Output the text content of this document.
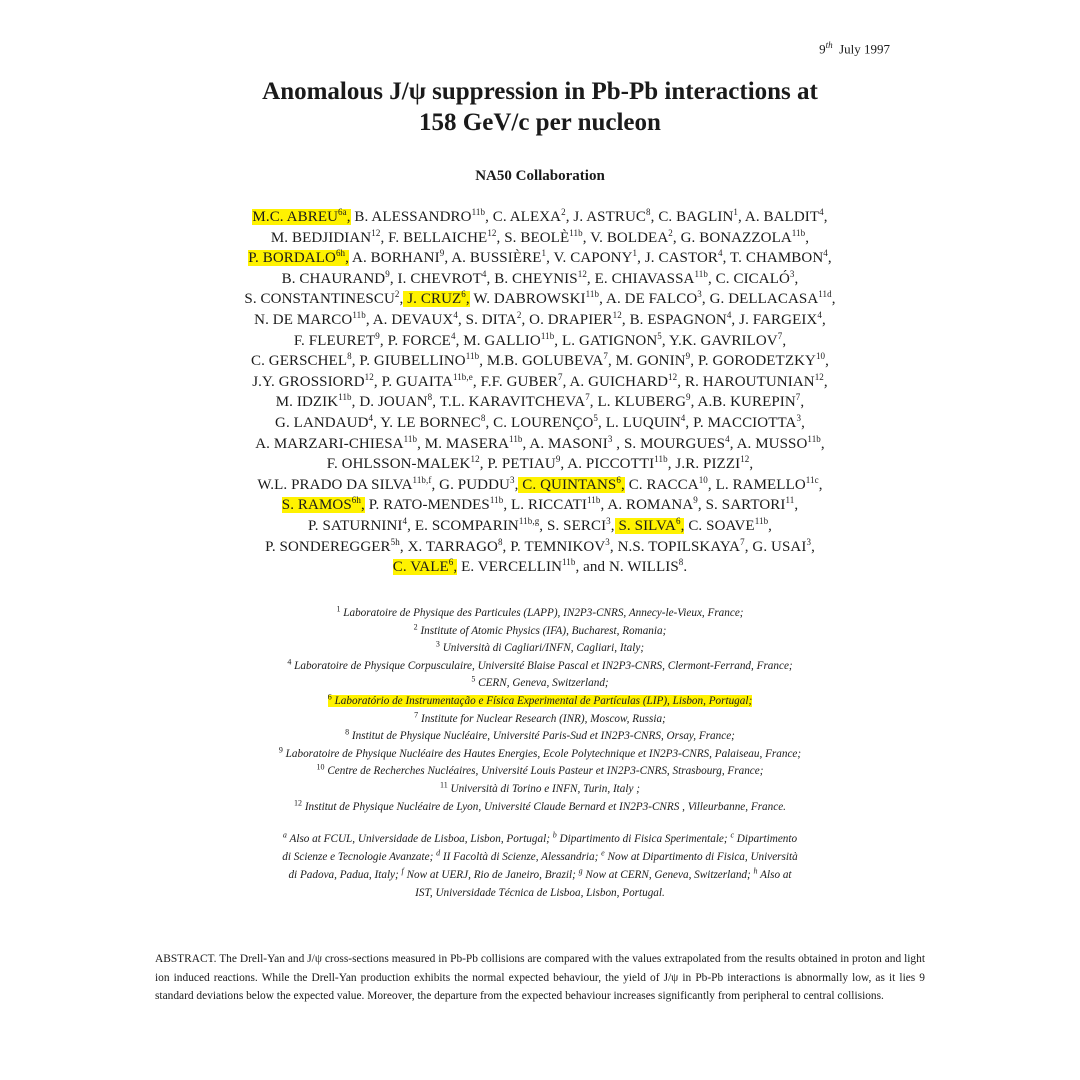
9th July 1997
Anomalous J/ψ suppression in Pb-Pb interactions at
158 GeV/c per nucleon
NA50 Collaboration
M.C. $ABREU^{6a}$, B. $ALESSANDRO^{11b}$, C. ALEXA$^2$, J. ASTRUC$^8$, C. BAGLIN$^1$, A. BALDIT$^4$,
M. BEDJIDIAN$^{12}$, F. BELLAICHE$^{12}$, S. $BEOLÈ^{11b}$, V. BOLDEA$^2$, G. $BONAZZOLA^{11b}$,
P. $BORDALO^{6h}$, A. BORHANI$^9$, A. BUSSIÈRE$^1$, V. CAPONY$^1$, J. CASTOR$^4$, T. CHAMBON$^4$,
B. CHAURAND$^9$, I. CHEVROT$^4$, B. CHEYNIS$^{12}$, E. $CHIAVASSA^{11b}$, C. CICALÓ$^3$,
S. CONSTANTINESCU$^2$, J. CRUZ$^6$, W. $DABROWSKI^{11b}$, A. DE FALCO$^3$, G. $DELLACASA^{11d}$,
N. DE $MARCO^{11b}$, A. DEVAUX$^4$, S. DITA$^2$, O. DRAPIER$^{12}$, B. ESPAGNON$^4$, J. FARGEIX$^4$,
F. FLEURET$^9$, P. FORCE$^4$, M. $GALLIO^{11b}$, L. GATIGNON$^5$, Y.K. GAVRILOV$^7$,
C. GERSCHEL$^8$, P. $GIUBELLINO^{11b}$, M.B. GOLUBEVA$^7$, M. GONIN$^9$, P. GORODETZKY$^{10}$,
J.Y. GROSSIORD$^{12}$, P. $GUAITA^{11b,e}$, F.F. GUBER$^7$, A. GUICHARD$^{12}$, R. HAROUTUNIAN$^{12}$,
M. $IDZIK^{11b}$, D. JOUAN$^8$, T.L. KARAVITCHEVA$^7$, L. KLUBERG$^9$, A.B. KUREPIN$^7$,
G. LANDAUD$^4$, Y. LE BORNEC$^8$, C. LOURENÇO$^5$, L. LUQUIN$^4$, P. MACCIOTTA$^3$,
A. MARZARI-$CHIESA^{11b}$, M. $MASERA^{11b}$, A. MASONI$^3$ , S. MOURGUES$^4$, A. $MUSSO^{11b}$,
F. OHLSSON-MALEK$^{12}$, P. PETIAU$^9$, A. $PICCOTTI^{11b}$, J.R. PIZZI$^{12}$,
W.L. PRADO DA $SILVA^{11b,f}$, G. PUDDU$^3$, C. QUINTANS$^6$, C. RACCA$^{10}$, L. $RAMELLO^{11c}$,
S. $RAMOS^{6h}$, P. RATO-$MENDES^{11b}$, L. $RICCATI^{11b}$, A. ROMANA$^9$, S. SARTORI$^{11}$,
P. SATURNINI$^4$, E. $SCOMPARIN^{11b,g}$, S. SERCI$^3$, S. SILVA$^6$, C. $SOAVE^{11b}$,
P. $SONDEREGGER^{5h}$, X. TARRAGO$^8$, P. TEMNIKOV$^3$, N.S. TOPILSKAYA$^7$, G. USAI$^3$,
C. VALE$^6$, E. $VERCELLIN^{11b}$, and N. WILLIS$^8$.
$^1$ Laboratoire de Physique des Particules (LAPP), IN2P3-CNRS, Annecy-le-Vieux, France;
$^2$ Institute of Atomic Physics (IFA), Bucharest, Romania;
$^3$ Università di Cagliari/INFN, Cagliari, Italy;
$^4$ Laboratoire de Physique Corpusculaire, Université Blaise Pascal et IN2P3-CNRS, Clermont-Ferrand, France;
$^5$ CERN, Geneva, Switzerland;
$^6$ Laboratório de Instrumentação e Física Experimental de Partículas (LIP), Lisbon, Portugal;
$^7$ Institute for Nuclear Research (INR), Moscow, Russia;
$^8$ Institut de Physique Nucléaire, Université Paris-Sud et IN2P3-CNRS, Orsay, France;
$^9$ Laboratoire de Physique Nucléaire des Hautes Energies, Ecole Polytechnique et IN2P3-CNRS, Palaiseau, France;
$^{10}$ Centre de Recherches Nucléaires, Université Louis Pasteur et IN2P3-CNRS, Strasbourg, France;
$^{11}$ Università di Torino e INFN, Turin, Italy ;
$^{12}$ Institut de Physique Nucléaire de Lyon, Université Claude Bernard et IN2P3-CNRS , Villeurbanne, France.
$^a$ Also at FCUL, Universidade de Lisboa, Lisbon, Portugal; $^b$ Dipartimento di Fisica Sperimentale; $^c$ Dipartimento
di Scienze e Tecnologie Avanzate; $^d$ II Facoltà di Scienze, Alessandria; $^e$ Now at Dipartimento di Fisica, Università
di Padova, Padua, Italy; $^f$ Now at UERJ, Rio de Janeiro, Brazil; $^g$ Now at CERN, Geneva, Switzerland; $^h$ Also at
IST, Universidade Técnica de Lisboa, Lisbon, Portugal.
ABSTRACT. The Drell-Yan and J/ψ cross-sections measured in Pb-Pb collisions are compared with the values extrapolated from the results obtained in proton and light ion induced reactions. While the Drell-Yan production exhibits the normal expected behaviour, the yield of J/ψ in Pb-Pb interactions is abnormally low, as it lies 9 standard deviations below the expected value. Moreover, the departure from the expected behaviour increases significantly from peripheral to central collisions.
